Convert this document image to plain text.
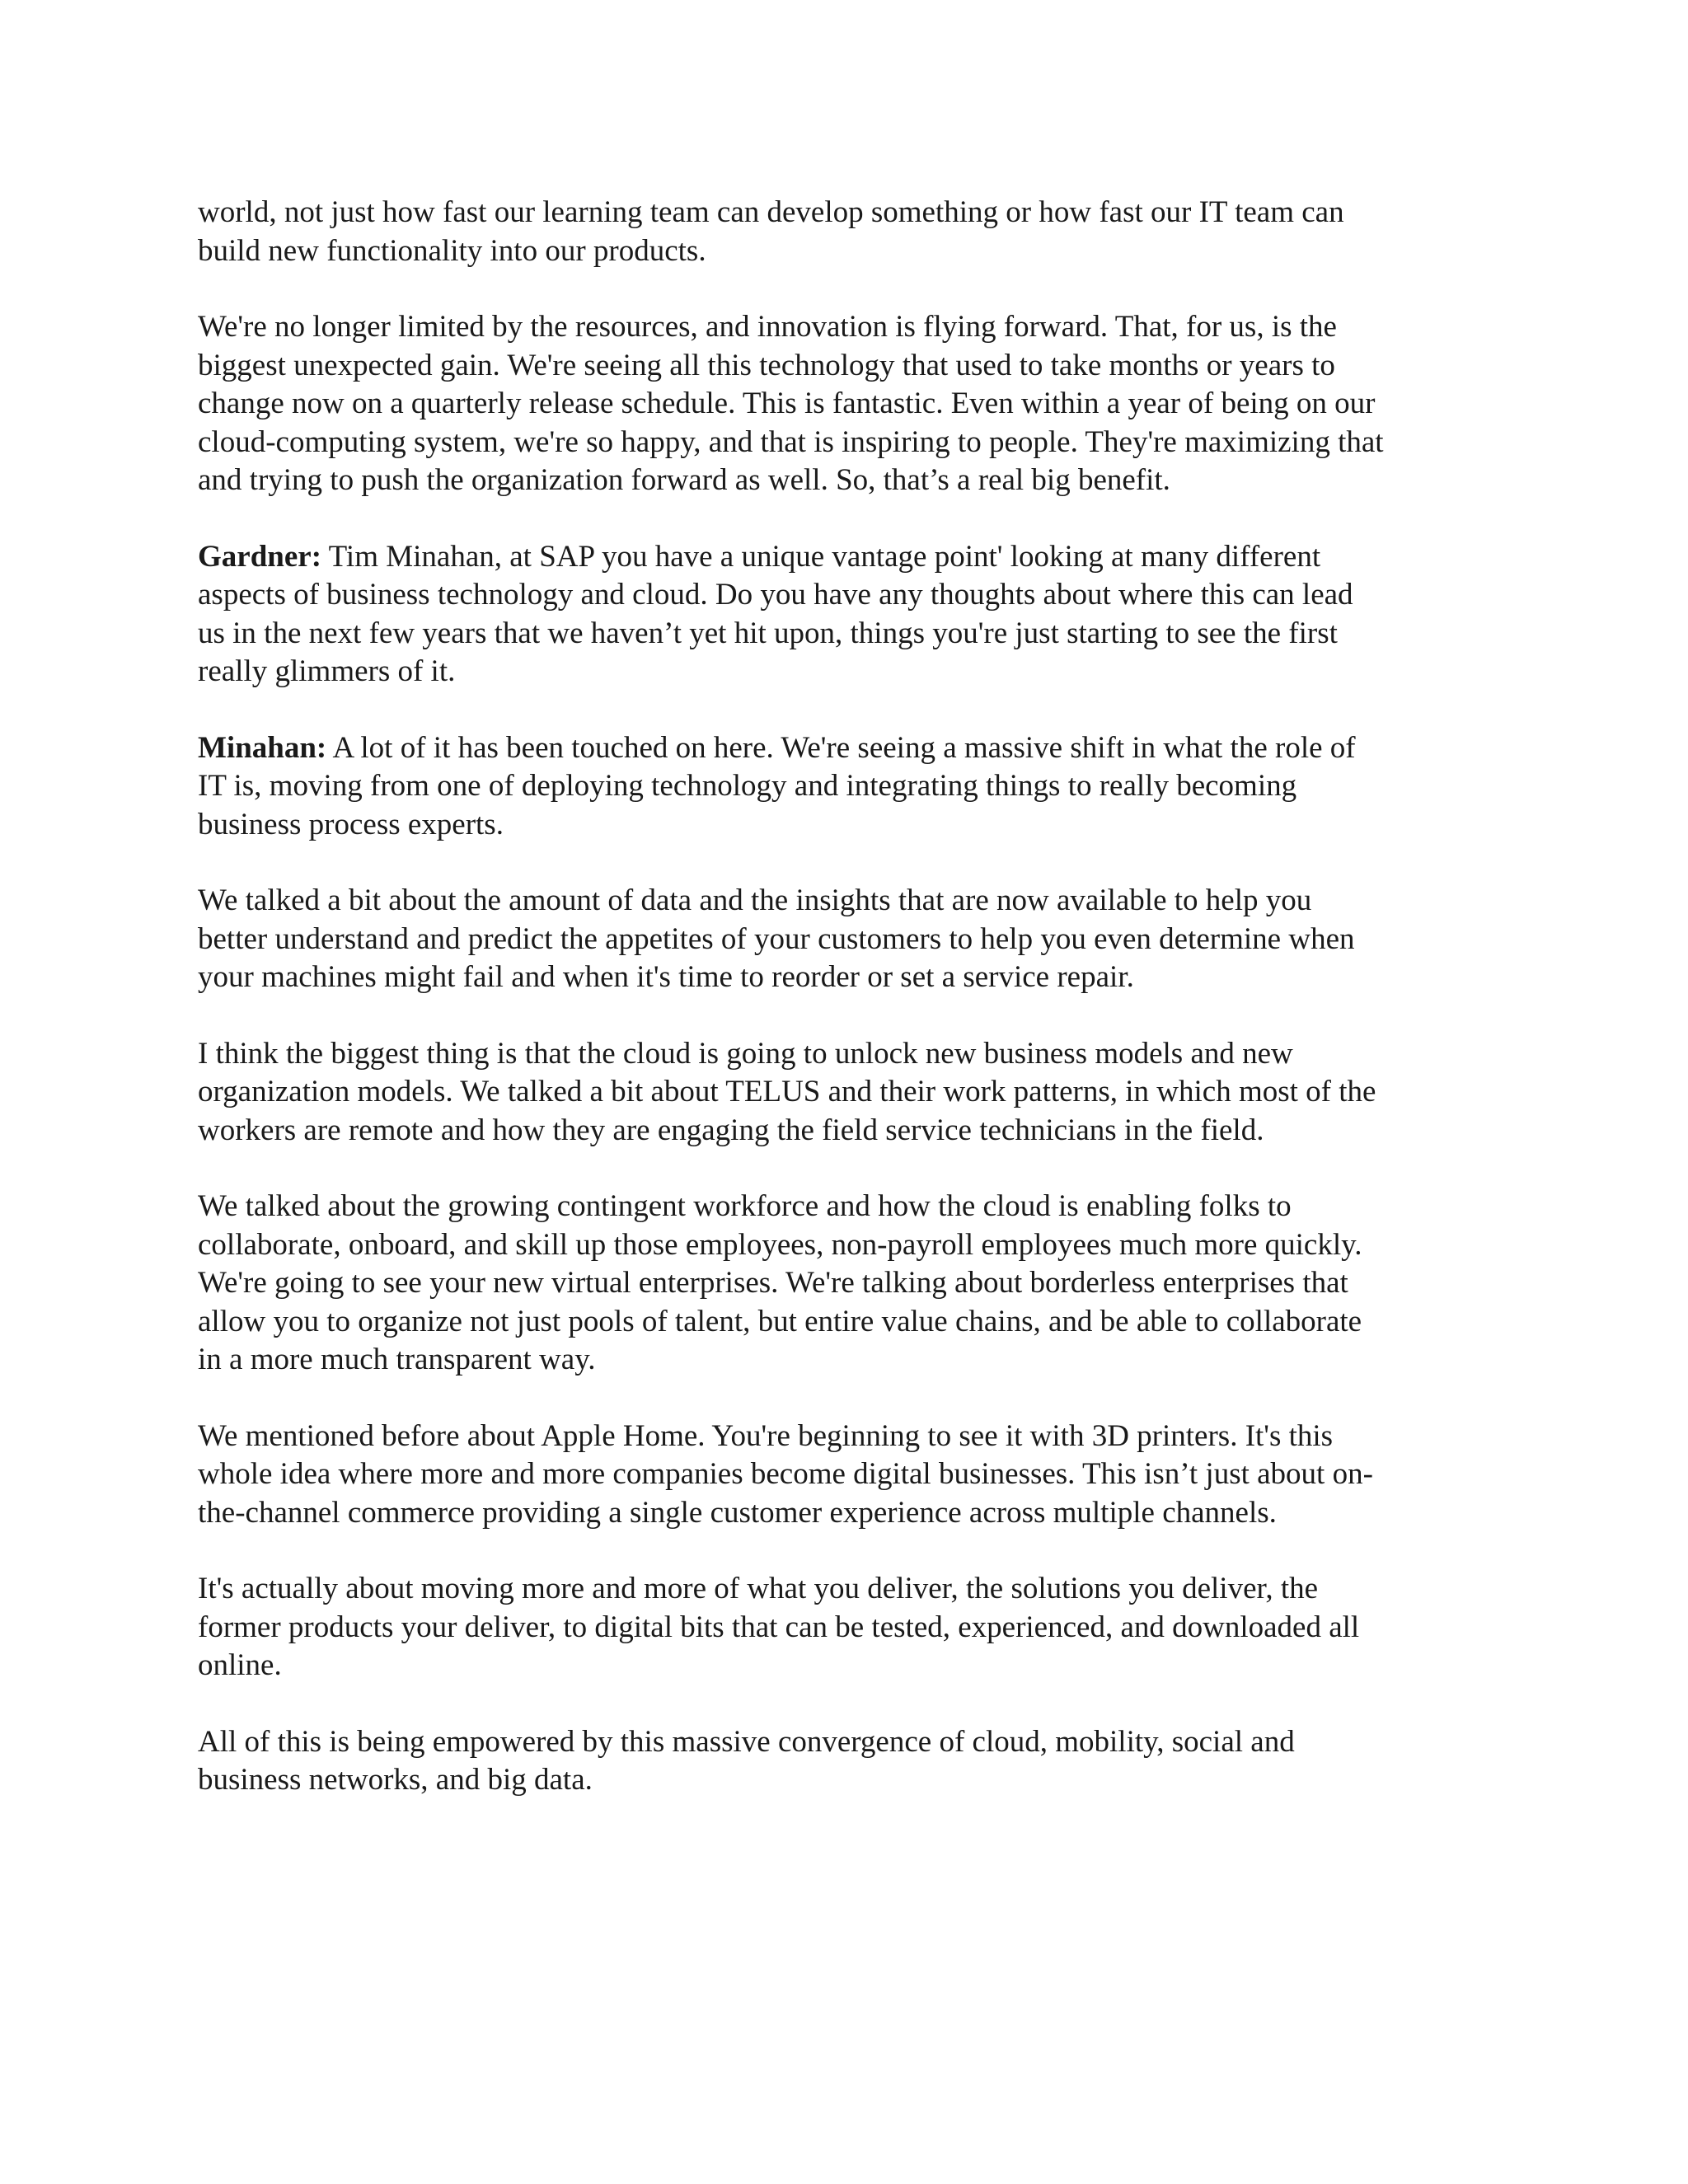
world, not just how fast our learning team can develop something or how fast our IT team can
build new functionality into our products.

We're no longer limited by the resources, and innovation is flying forward. That, for us, is the
biggest unexpected gain. We're seeing all this technology that used to take months or years to
change now on a quarterly release schedule. This is fantastic. Even within a year of being on our
cloud-computing system, we're so happy, and that is inspiring to people. They're maximizing that
and trying to push the organization forward as well. So, that’s a real big benefit.

Gardner: Tim Minahan, at SAP you have a unique vantage point' looking at many different
aspects of business technology and cloud. Do you have any thoughts about where this can lead
us in the next few years that we haven’t yet hit upon, things you're just starting to see the first
really glimmers of it.

Minahan: A lot of it has been touched on here. We're seeing a massive shift in what the role of
IT is, moving from one of deploying technology and integrating things to really becoming
business process experts.

We talked a bit about the amount of data and the insights that are now available to help you
better understand and predict the appetites of your customers to help you even determine when
your machines might fail and when it's time to reorder or set a service repair.

I think the biggest thing is that the cloud is going to unlock new business models and new
organization models. We talked a bit about TELUS and their work patterns, in which most of the
workers are remote and how they are engaging the field service technicians in the field.

We talked about the growing contingent workforce and how the cloud is enabling folks to
collaborate, onboard, and skill up those employees, non-payroll employees much more quickly.
We're going to see your new virtual enterprises. We're talking about borderless enterprises that
allow you to organize not just pools of talent, but entire value chains, and be able to collaborate
in a more much transparent way.

We mentioned before about Apple Home. You're beginning to see it with 3D printers. It's this
whole idea where more and more companies become digital businesses. This isn’t just about on-
the-channel commerce providing a single customer experience across multiple channels.

It's actually about moving more and more of what you deliver, the solutions you deliver, the
former products your deliver, to digital bits that can be tested, experienced, and downloaded all
online.

All of this is being empowered by this massive convergence of cloud, mobility, social and
business networks, and big data.
